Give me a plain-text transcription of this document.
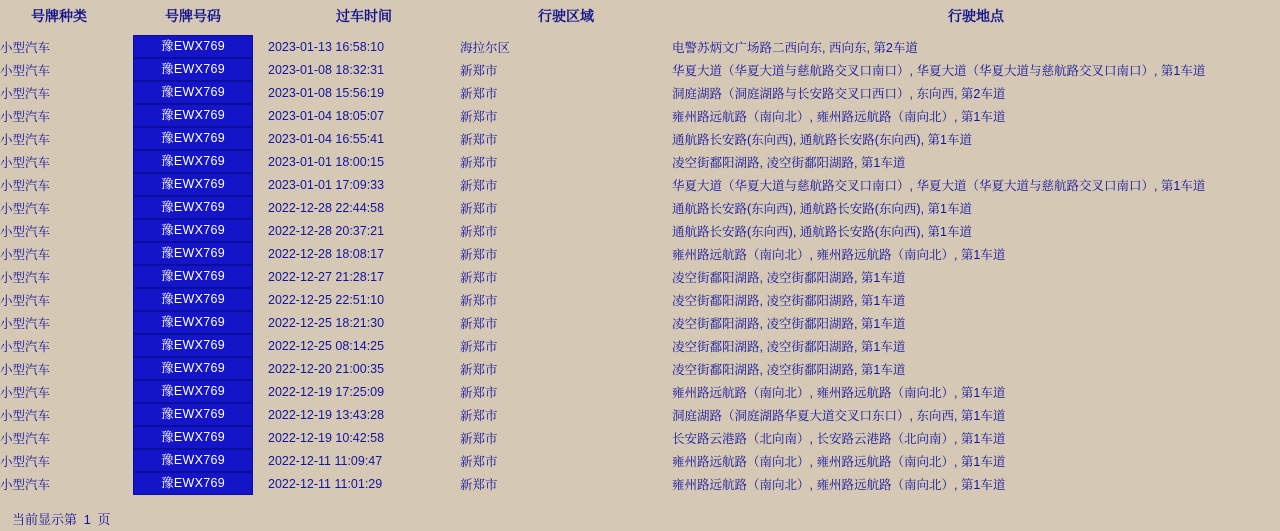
号牌种类	号牌号码	过车时间	行驶区域	行驶地点
小型汽车	豫EWX769	2023-01-13 16:58:10	海拉尔区	电警苏炳文广场路二西向东, 西向东, 第2车道
小型汽车	豫EWX769	2023-01-08 18:32:31	新郑市	华夏大道（华夏大道与慈航路交叉口南口）, 华夏大道（华夏大道与慈航路交叉口南口）, 第1车道
小型汽车	豫EWX769	2023-01-08 15:56:19	新郑市	洞庭湖路（洞庭湖路与长安路交叉口西口）, 东向西, 第2车道
小型汽车	豫EWX769	2023-01-04 18:05:07	新郑市	雍州路远航路（南向北）, 雍州路远航路（南向北）, 第1车道
小型汽车	豫EWX769	2023-01-04 16:55:41	新郑市	通航路长安路(东向西), 通航路长安路(东向西), 第1车道
小型汽车	豫EWX769	2023-01-01 18:00:15	新郑市	凌空街鄱阳湖路, 凌空街鄱阳湖路, 第1车道
小型汽车	豫EWX769	2023-01-01 17:09:33	新郑市	华夏大道（华夏大道与慈航路交叉口南口）, 华夏大道（华夏大道与慈航路交叉口南口）, 第1车道
小型汽车	豫EWX769	2022-12-28 22:44:58	新郑市	通航路长安路(东向西), 通航路长安路(东向西), 第1车道
小型汽车	豫EWX769	2022-12-28 20:37:21	新郑市	通航路长安路(东向西), 通航路长安路(东向西), 第1车道
小型汽车	豫EWX769	2022-12-28 18:08:17	新郑市	雍州路远航路（南向北）, 雍州路远航路（南向北）, 第1车道
小型汽车	豫EWX769	2022-12-27 21:28:17	新郑市	凌空街鄱阳湖路, 凌空街鄱阳湖路, 第1车道
小型汽车	豫EWX769	2022-12-25 22:51:10	新郑市	凌空街鄱阳湖路, 凌空街鄱阳湖路, 第1车道
小型汽车	豫EWX769	2022-12-25 18:21:30	新郑市	凌空街鄱阳湖路, 凌空街鄱阳湖路, 第1车道
小型汽车	豫EWX769	2022-12-25 08:14:25	新郑市	凌空街鄱阳湖路, 凌空街鄱阳湖路, 第1车道
小型汽车	豫EWX769	2022-12-20 21:00:35	新郑市	凌空街鄱阳湖路, 凌空街鄱阳湖路, 第1车道
小型汽车	豫EWX769	2022-12-19 17:25:09	新郑市	雍州路远航路（南向北）, 雍州路远航路（南向北）, 第1车道
小型汽车	豫EWX769	2022-12-19 13:43:28	新郑市	洞庭湖路（洞庭湖路华夏大道交叉口东口）, 东向西, 第1车道
小型汽车	豫EWX769	2022-12-19 10:42:58	新郑市	长安路云港路（北向南）, 长安路云港路（北向南）, 第1车道
小型汽车	豫EWX769	2022-12-11 11:09:47	新郑市	雍州路远航路（南向北）, 雍州路远航路（南向北）, 第1车道
小型汽车	豫EWX769	2022-12-11 11:01:29	新郑市	雍州路远航路（南向北）, 雍州路远航路（南向北）, 第1车道
当前显示第 1 页
